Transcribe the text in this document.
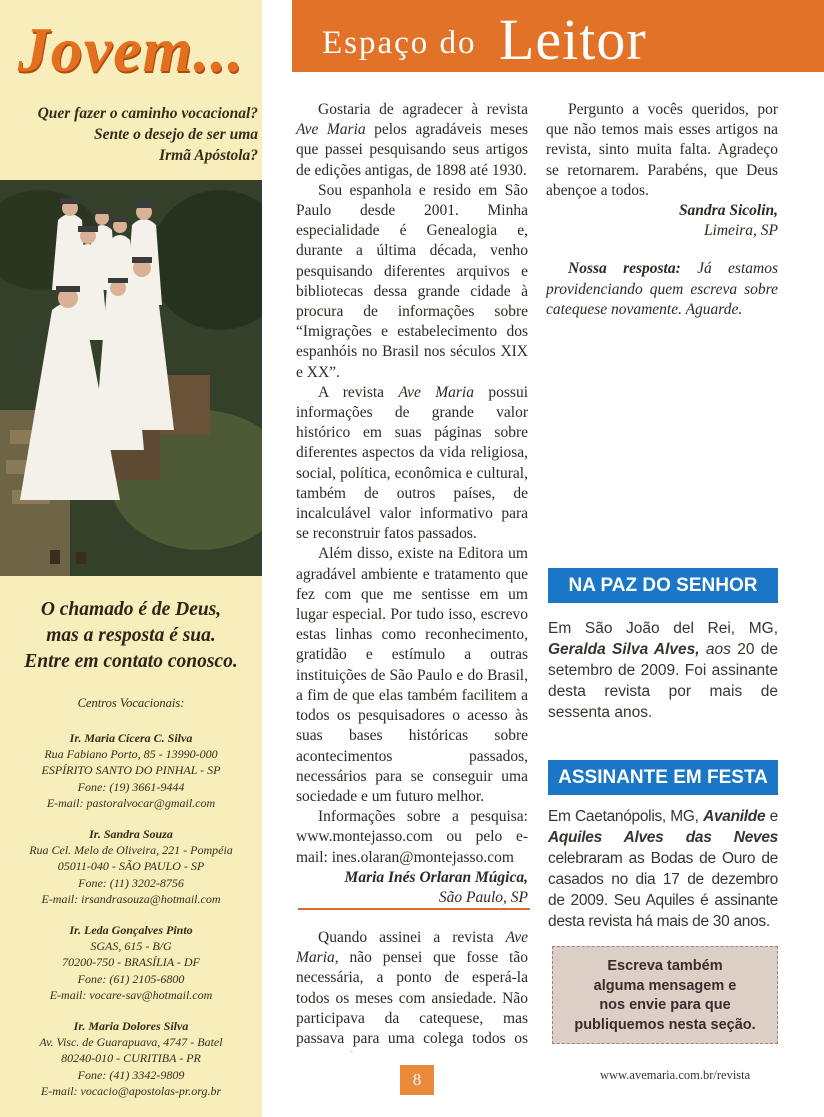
Jovem...
Quer fazer o caminho vocacional?
Sente o desejo de ser uma
Irmã Apóstola?
O chamado é de Deus,
mas a resposta é sua.
Entre em contato conosco.
Centros Vocacionais:
Ir. Maria Cícera C. Silva
Rua Fabiano Porto, 85 - 13990-000
ESPÍRITO SANTO DO PINHAL - SP
Fone: (19) 3661-9444
E-mail: pastoralvocar@gmail.com
Ir. Sandra Souza
Rua Cel. Melo de Oliveira, 221 - Pompéia
05011-040 - SÃO PAULO - SP
Fone: (11) 3202-8756
E-mail: irsandrasouza@hotmail.com
Ir. Leda Gonçalves Pinto
SGAS, 615 - B/G
70200-750 - BRASÍLIA - DF
Fone: (61) 2105-6800
E-mail: vocare-sav@hotmail.com
Ir. Maria Dolores Silva
Av. Visc. de Guarapuava, 4747 - Batel
80240-010 - CURITIBA - PR
Fone: (41) 3342-9809
E-mail: vocacio@apostolas-pr.org.br
Espaço do Leitor

Gostaria de agradecer à revista Ave Maria pelos agradáveis meses que passei pesquisando seus artigos de edições antigas, de 1898 até 1930.

Sou espanhola e resido em São Paulo desde 2001. Minha especialidade é Genealogia e, durante a última década, venho pesquisando diferentes arquivos e bibliotecas dessa grande cidade à procura de informações sobre “Imigrações e estabelecimento dos espanhóis no Brasil nos séculos XIX e XX”.

A revista Ave Maria possui informações de grande valor histórico em suas páginas sobre diferentes aspectos da vida religiosa, social, política, econômica e cultural, também de outros países, de incalculável valor informativo para se reconstruir fatos passados.

Além disso, existe na Editora um agradável ambiente e tratamento que fez com que me sentisse em um lugar especial. Por tudo isso, escrevo estas linhas como reconhecimento, gratidão e estímulo a outras instituições de São Paulo e do Brasil, a fim de que elas também facilitem a todos os pesquisadores o acesso às suas bases históricas sobre acontecimentos passados, necessários para se conseguir uma sociedade e um futuro melhor.

Informações sobre a pesquisa: www.montejasso.com ou pelo e-mail: ines.olaran@montejasso.com

Maria Inés Orlaran Múgica,
São Paulo, SP

Quando assinei a revista Ave Maria, não pensei que fosse tão necessária, a ponto de esperá-la todos os meses com ansiedade. Não participava da catequese, mas passava para uma colega todos os

Pergunto a vocês queridos, por que não temos mais esses artigos na revista, sinto muita falta. Agradeço se retornarem. Parabéns, que Deus abençoe a todos.

Sandra Sicolin,
Limeira, SP

Nossa resposta: Já estamos providenciando quem escreva sobre catequese novamente. Aguarde.

NA PAZ DO SENHOR
Em São João del Rei, MG, Geralda Silva Alves, aos 20 de setembro de 2009. Foi assinante desta revista por mais de sessenta anos.
ASSINANTE EM FESTA
Em Caetanópolis, MG, Avanilde e Aquiles Alves das Neves celebraram as Bodas de Ouro de casados no dia 17 de dezembro de 2009. Seu Aquiles é assinante desta revista há mais de 30 anos.
Escreva também
alguma mensagem e
nos envie para que
publiquemos nesta seção.
8	www.avemaria.com.br/revista
